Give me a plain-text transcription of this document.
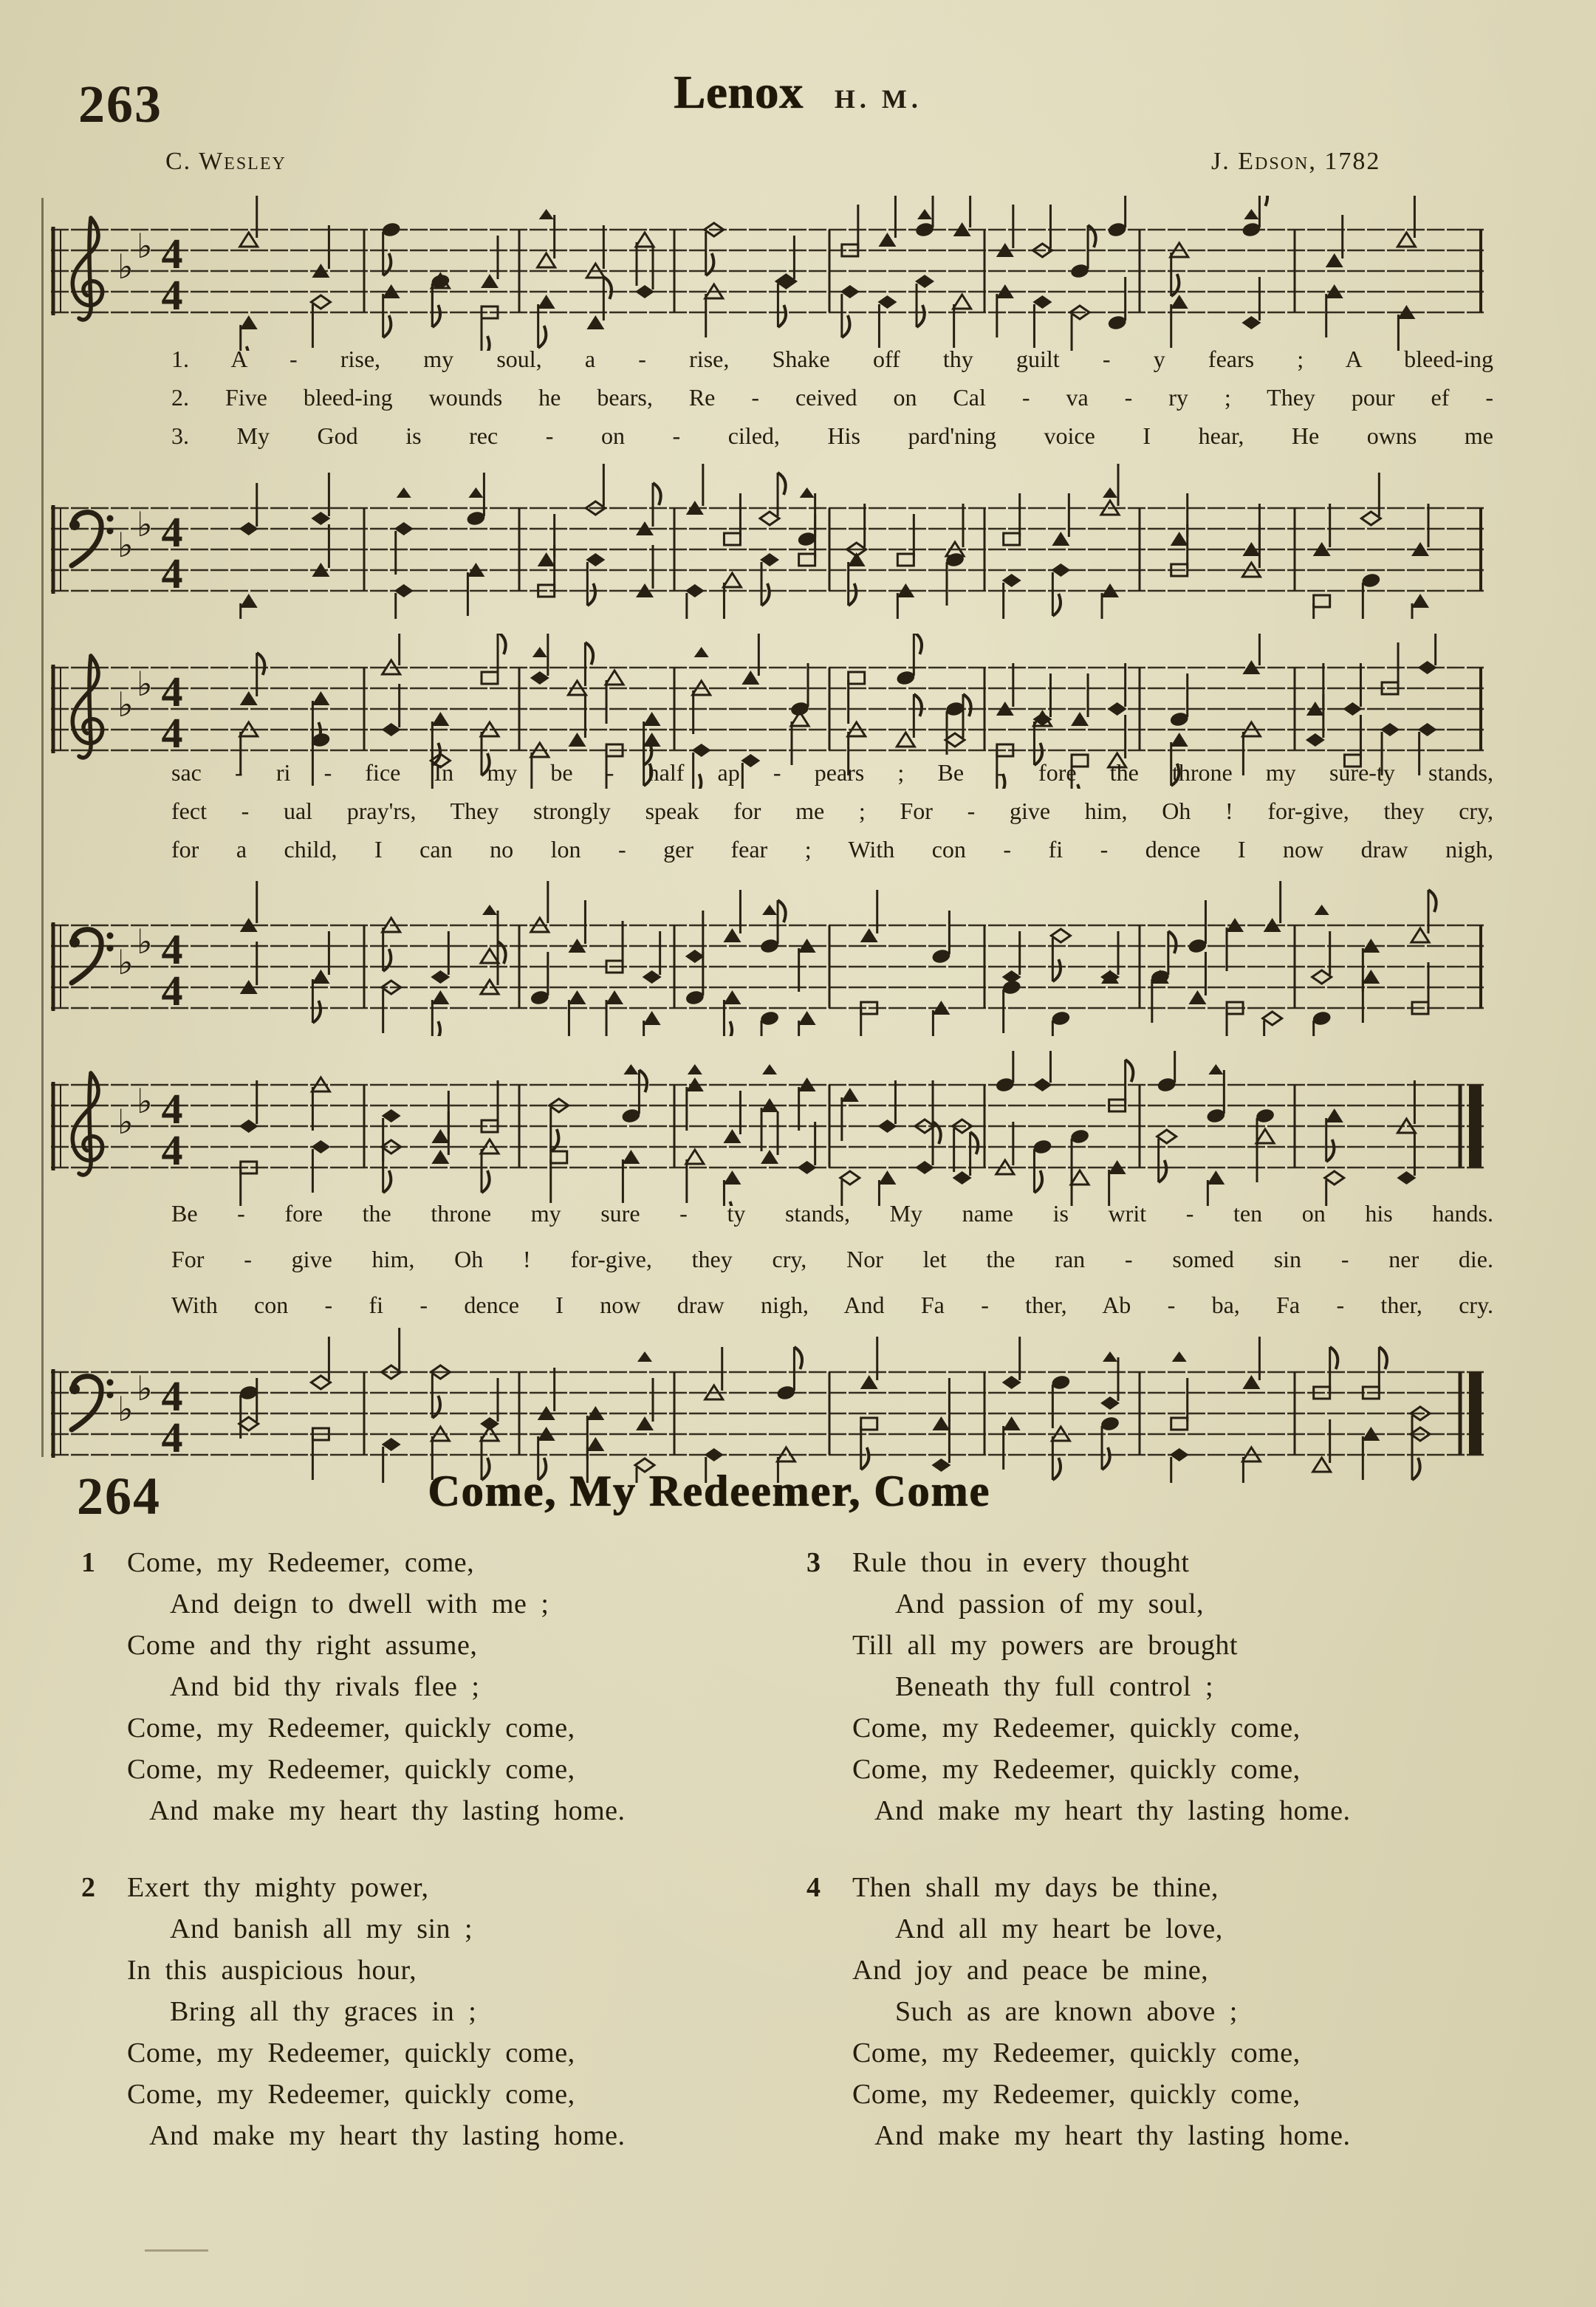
263	Lenox H. M.
C. Wesley	J. Edson, 1782
♭
♭ 4
4
1. A - rise, my soul, a - rise, Shake off thy guilt - y fears ; A bleed-ing
2. Five bleed-ing wounds he bears, Re - ceived on Cal - va - ry ; They pour ef -
3. My God is rec - on - ciled, His pard'ning voice I hear, He owns me
♭
♭ 4
4
♭
♭ 4
4
sac - ri - fice In my be - half ap - pears ; Be - fore the throne my sure-ty stands,
fect - ual pray'rs, They strongly speak for me ; For - give him, Oh ! for-give, they cry,
for a child, I can no lon - ger fear ; With con - fi - dence I now draw nigh,
♭
♭ 4
4
♭
♭ 4
4
Be - fore the throne my sure - ty stands, My name is writ - ten on his hands.
For - give him, Oh ! for-give, they cry, Nor let the ran - somed sin - ner die.
With con - fi - dence I now draw nigh, And Fa - ther, Ab - ba, Fa - ther, cry.
♭
♭ 4
4
264	Come, My Redeemer, Come
1 Come, my Redeemer, come,
And deign to dwell with me ;
Come and thy right assume,
And bid thy rivals flee ;
Come, my Redeemer, quickly come,
Come, my Redeemer, quickly come,
And make my heart thy lasting home.
2 Exert thy mighty power,
And banish all my sin ;
In this auspicious hour,
Bring all thy graces in ;
Come, my Redeemer, quickly come,
Come, my Redeemer, quickly come,
And make my heart thy lasting home.
3 Rule thou in every thought
And passion of my soul,
Till all my powers are brought
Beneath thy full control ;
Come, my Redeemer, quickly come,
Come, my Redeemer, quickly come,
And make my heart thy lasting home.
4 Then shall my days be thine,
And all my heart be love,
And joy and peace be mine,
Such as are known above ;
Come, my Redeemer, quickly come,
Come, my Redeemer, quickly come,
And make my heart thy lasting home.
